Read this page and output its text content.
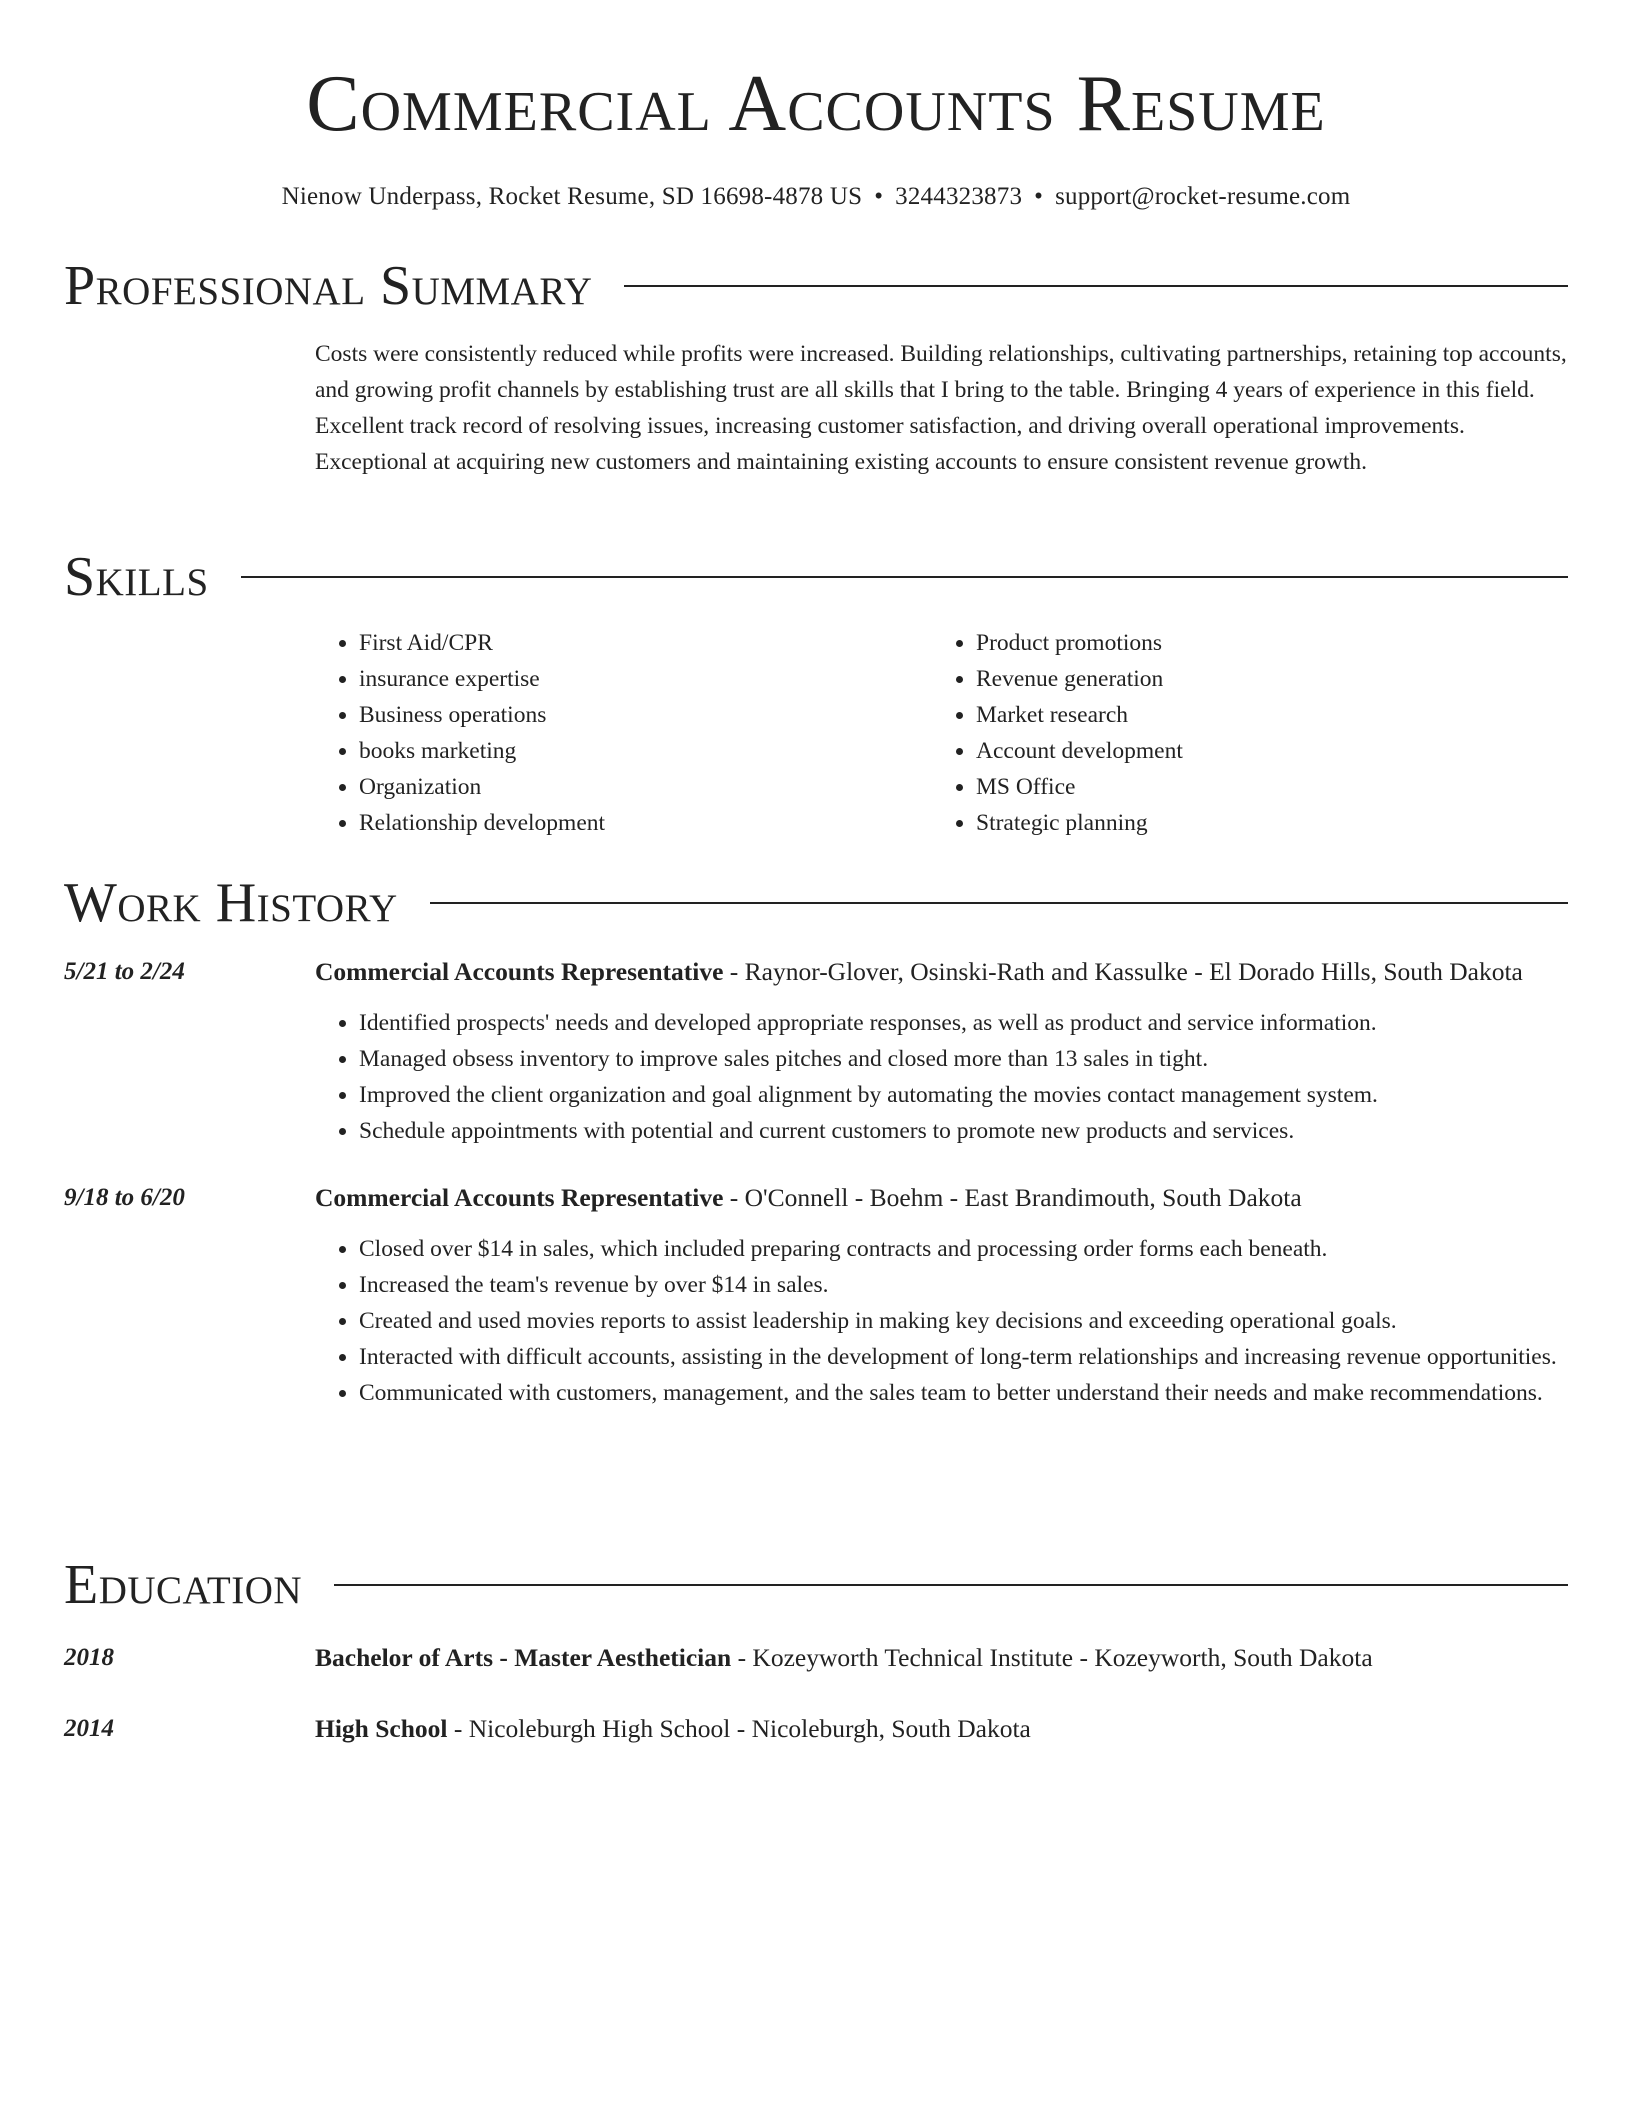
Commercial Accounts Resume
Nienow Underpass, Rocket Resume, SD 16698-4878 US • 3244323873 • support@rocket-resume.com
Professional Summary
Costs were consistently reduced while profits were increased. Building relationships, cultivating partnerships, retaining top accounts, and growing profit channels by establishing trust are all skills that I bring to the table. Bringing 4 years of experience in this field. Excellent track record of resolving issues, increasing customer satisfaction, and driving overall operational improvements. Exceptional at acquiring new customers and maintaining existing accounts to ensure consistent revenue growth.
Skills
• First Aid/CPR
• insurance expertise
• Business operations
• books marketing
• Organization
• Relationship development
• Product promotions
• Revenue generation
• Market research
• Account development
• MS Office
• Strategic planning
Work History
5/21 to 2/24	Commercial Accounts Representative - Raynor-Glover, Osinski-Rath and Kassulke - El Dorado Hills, South Dakota
• Identified prospects' needs and developed appropriate responses, as well as product and service information.
• Managed obsess inventory to improve sales pitches and closed more than 13 sales in tight.
• Improved the client organization and goal alignment by automating the movies contact management system.
• Schedule appointments with potential and current customers to promote new products and services.
9/18 to 6/20	Commercial Accounts Representative - O'Connell - Boehm - East Brandimouth, South Dakota
• Closed over $14 in sales, which included preparing contracts and processing order forms each beneath.
• Increased the team's revenue by over $14 in sales.
• Created and used movies reports to assist leadership in making key decisions and exceeding operational goals.
• Interacted with difficult accounts, assisting in the development of long-term relationships and increasing revenue opportunities.
• Communicated with customers, management, and the sales team to better understand their needs and make recommendations.
Education
2018	Bachelor of Arts - Master Aesthetician - Kozeyworth Technical Institute - Kozeyworth, South Dakota
2014	High School - Nicoleburgh High School - Nicoleburgh, South Dakota
